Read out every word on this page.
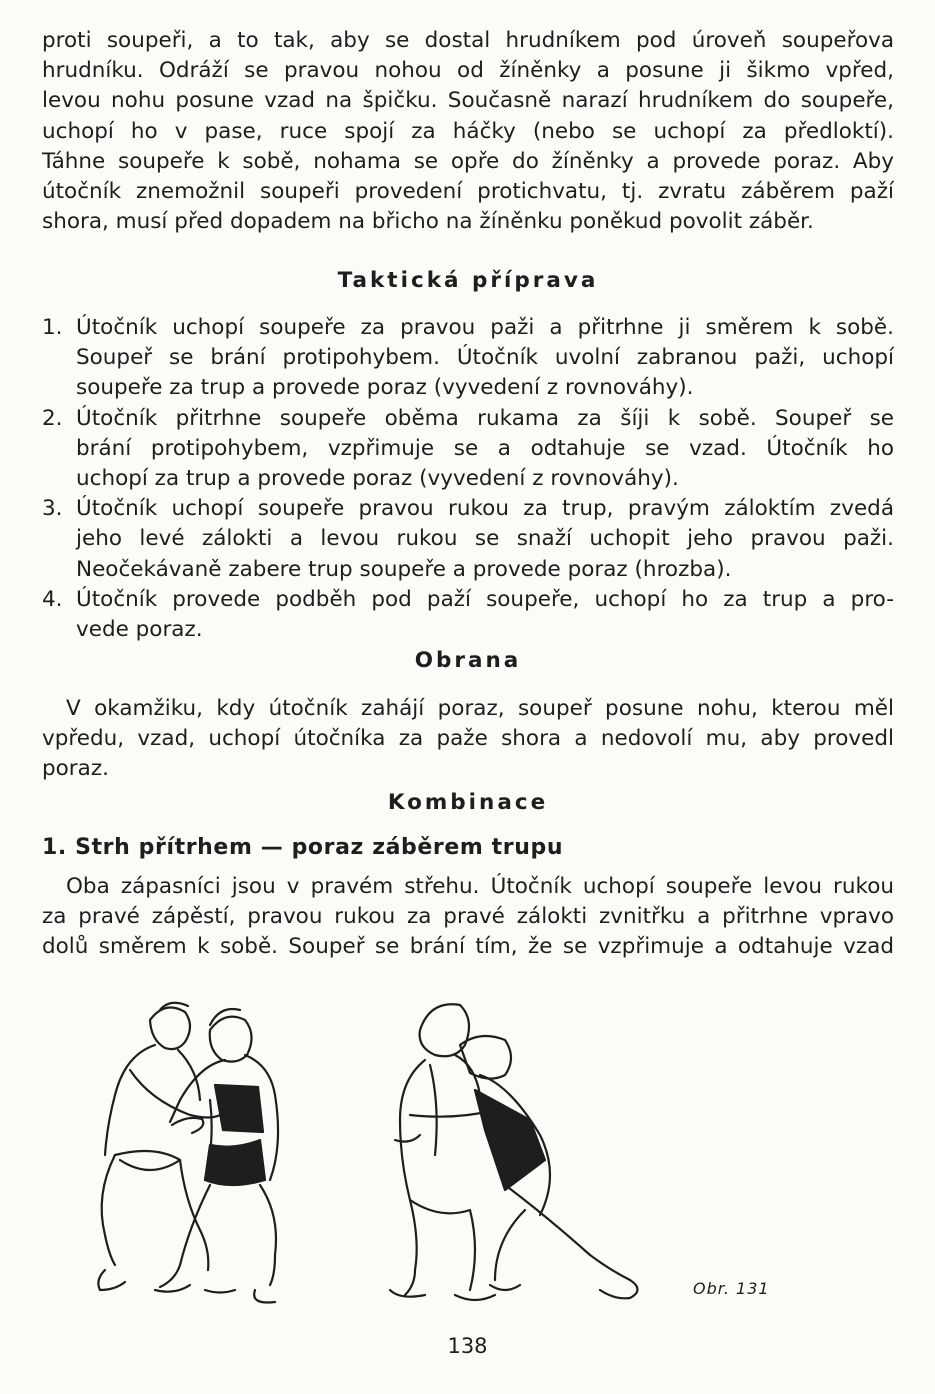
proti soupeři, a to tak, aby se dostal hrudníkem pod úroveň soupeřova
hrudníku. Odráží se pravou nohou od žíněnky a posune ji šikmo vpřed,
levou nohu posune vzad na špičku. Současně narazí hrudníkem do soupeře,
uchopí ho v pase, ruce spojí za háčky (nebo se uchopí za předloktí).
Táhne soupeře k sobě, nohama se opře do žíněnky a provede poraz. Aby
útočník znemožnil soupeři provedení protichvatu, tj. zvratu záběrem paží
shora, musí před dopadem na břicho na žíněnku poněkud povolit záběr.
Taktická příprava
1. Útočník uchopí soupeře za pravou paži a přitrhne ji směrem k sobě.
Soupeř se brání protipohybem. Útočník uvolní zabranou paži, uchopí
soupeře za trup a provede poraz (vyvedení z rovnováhy).
2. Útočník přitrhne soupeře oběma rukama za šíji k sobě. Soupeř se
brání protipohybem, vzpřimuje se a odtahuje se vzad. Útočník ho
uchopí za trup a provede poraz (vyvedení z rovnováhy).
3. Útočník uchopí soupeře pravou rukou za trup, pravým záloktím zvedá
jeho levé zálokti a levou rukou se snaží uchopit jeho pravou paži.
Neočekávaně zabere trup soupeře a provede poraz (hrozba).
4. Útočník provede podběh pod paží soupeře, uchopí ho za trup a pro-
vede poraz.
Obrana
V okamžiku, kdy útočník zahájí poraz, soupeř posune nohu, kterou měl
vpředu, vzad, uchopí útočníka za paže shora a nedovolí mu, aby provedl
poraz.
Kombinace
1. Strh přítrhem — poraz záběrem trupu
Oba zápasníci jsou v pravém střehu. Útočník uchopí soupeře levou rukou
za pravé zápěstí, pravou rukou za pravé zálokti zvnitřku a přitrhne vpravo
dolů směrem k sobě. Soupeř se brání tím, že se vzpřimuje a odtahuje vzad
Obr. 131
138
